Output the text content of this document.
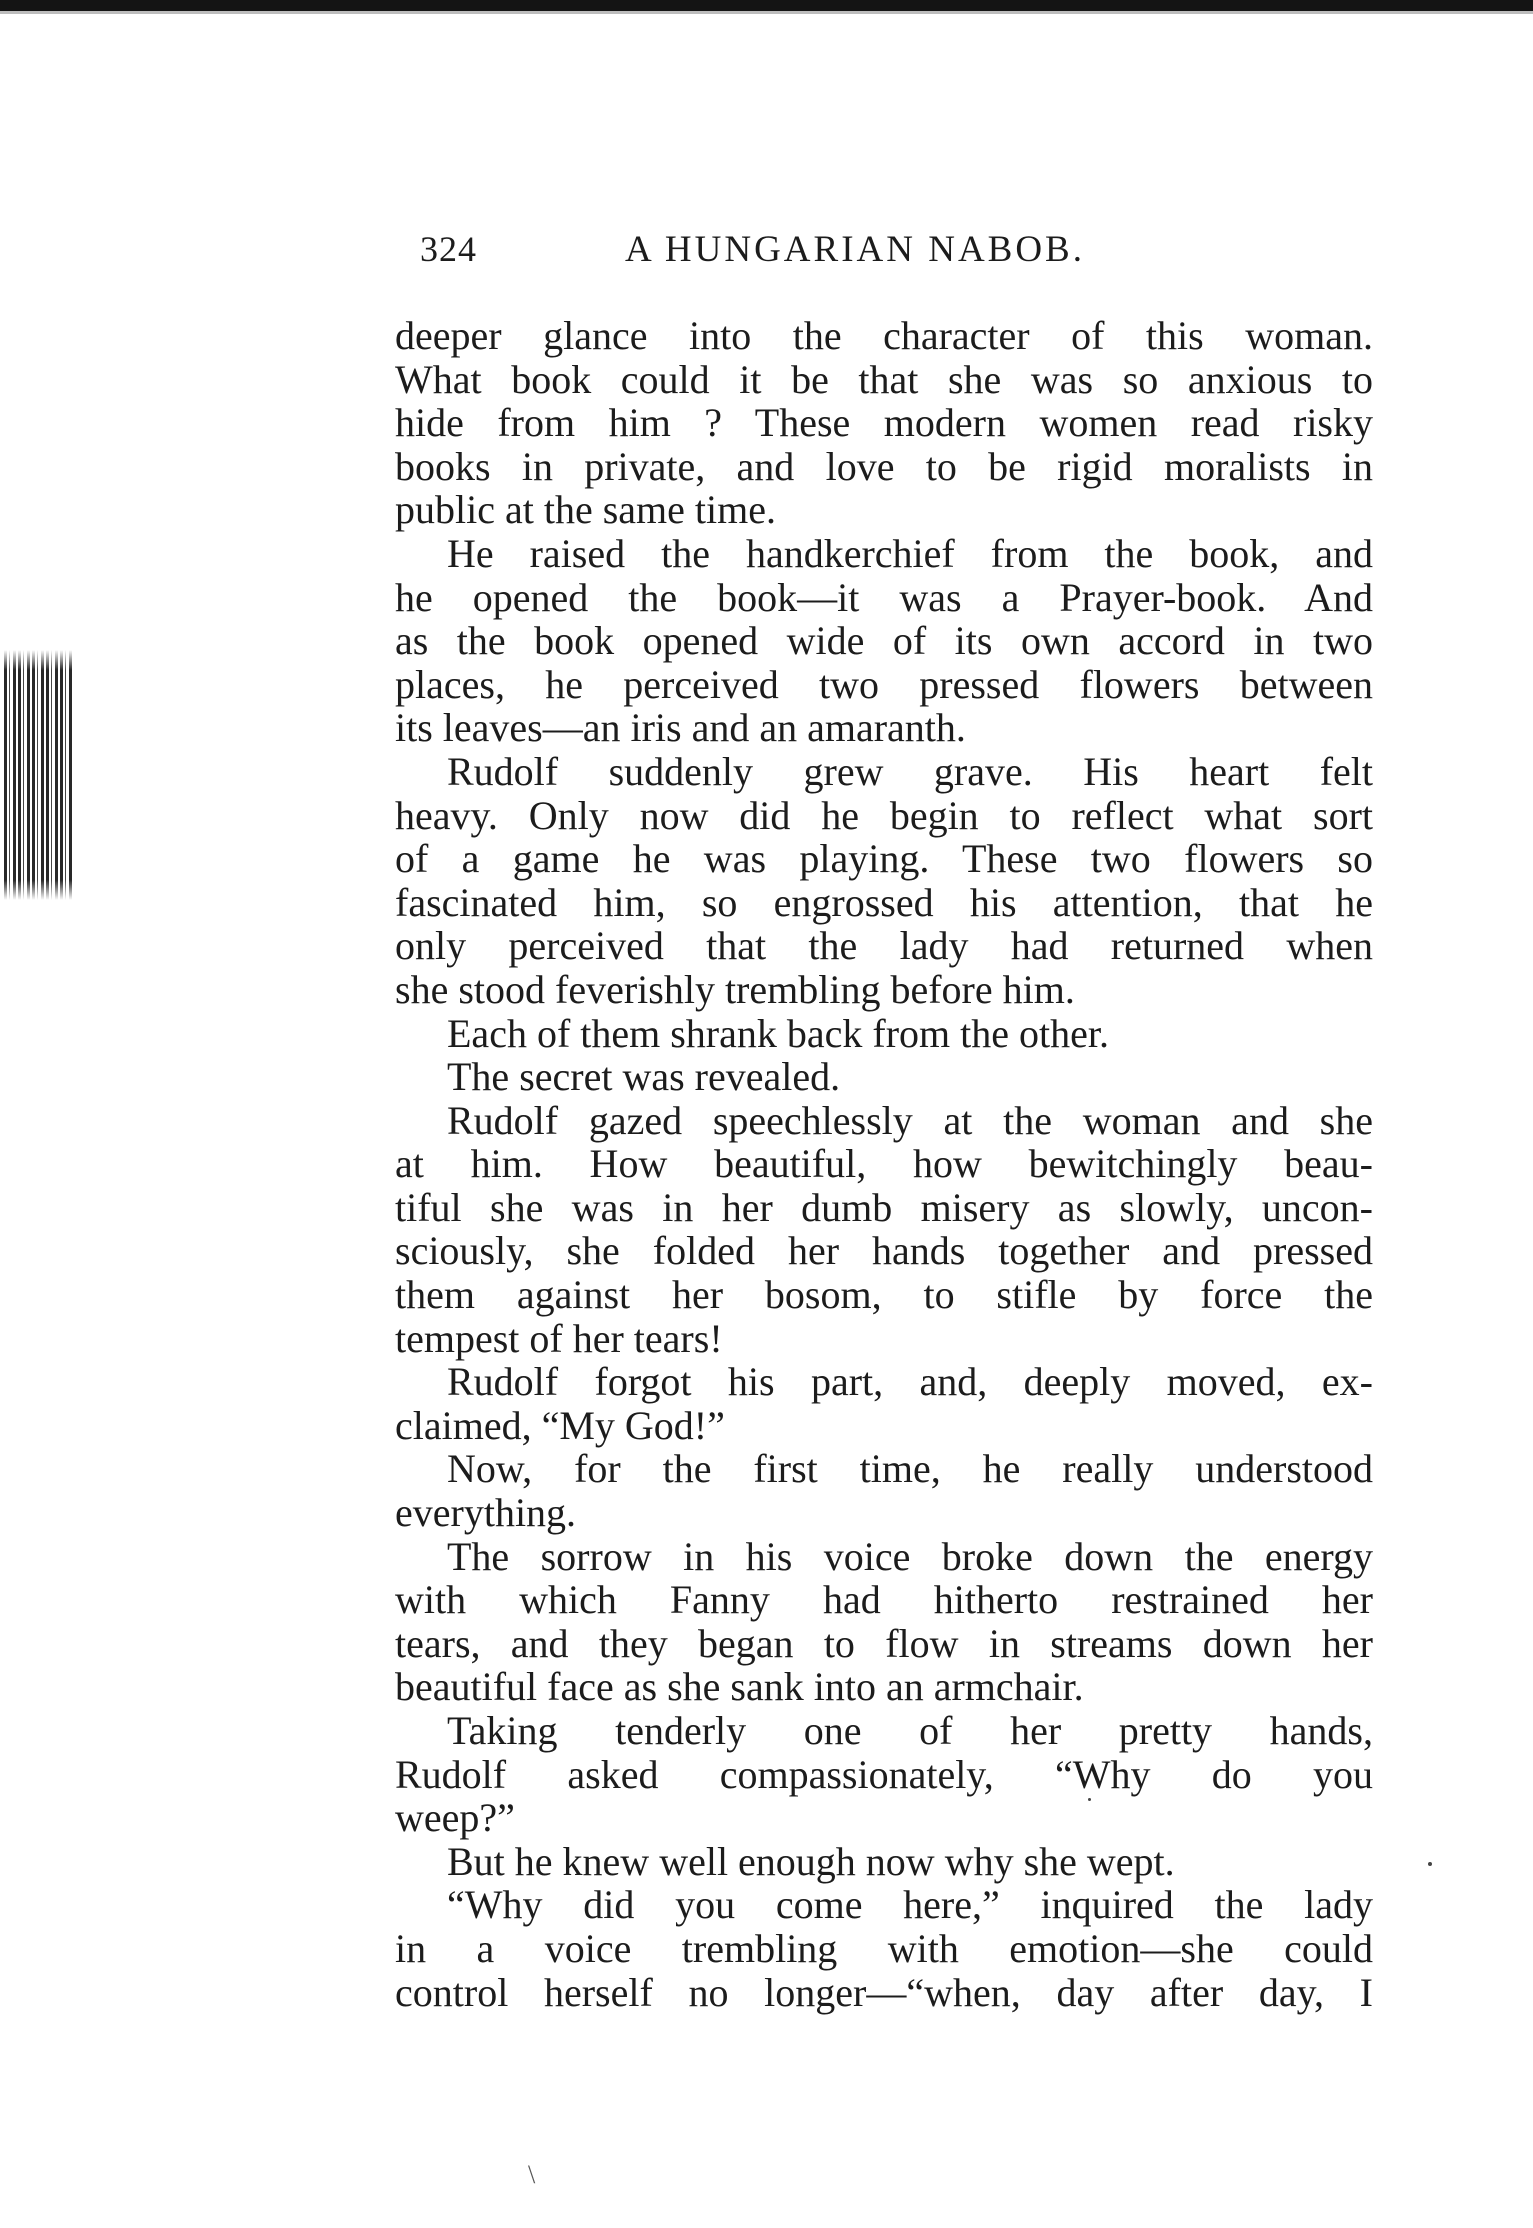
324	A HUNGARIAN NABOB.
deeper glance into the character of this woman.
What book could it be that she was so anxious to
hide from him ? These modern women read risky
books in private, and love to be rigid moralists in
public at the same time.
He raised the handkerchief from the book, and
he opened the book—it was a Prayer-book. And
as the book opened wide of its own accord in two
places, he perceived two pressed flowers between
its leaves—an iris and an amaranth.
Rudolf suddenly grew grave. His heart felt
heavy. Only now did he begin to reflect what sort
of a game he was playing. These two flowers so
fascinated him, so engrossed his attention, that he
only perceived that the lady had returned when
she stood feverishly trembling before him.
Each of them shrank back from the other.
The secret was revealed.
Rudolf gazed speechlessly at the woman and she
at him. How beautiful, how bewitchingly beau-
tiful she was in her dumb misery as slowly, uncon-
sciously, she folded her hands together and pressed
them against her bosom, to stifle by force the
tempest of her tears!
Rudolf forgot his part, and, deeply moved, ex-
claimed, “My God!”
Now, for the first time, he really understood
everything.
The sorrow in his voice broke down the energy
with which Fanny had hitherto restrained her
tears, and they began to flow in streams down her
beautiful face as she sank into an armchair.
Taking tenderly one of her pretty hands,
Rudolf asked compassionately, “Why do you
weep?”
But he knew well enough now why she wept.
“Why did you come here,” inquired the lady
in a voice trembling with emotion—she could
control herself no longer—“when, day after day, I
\
